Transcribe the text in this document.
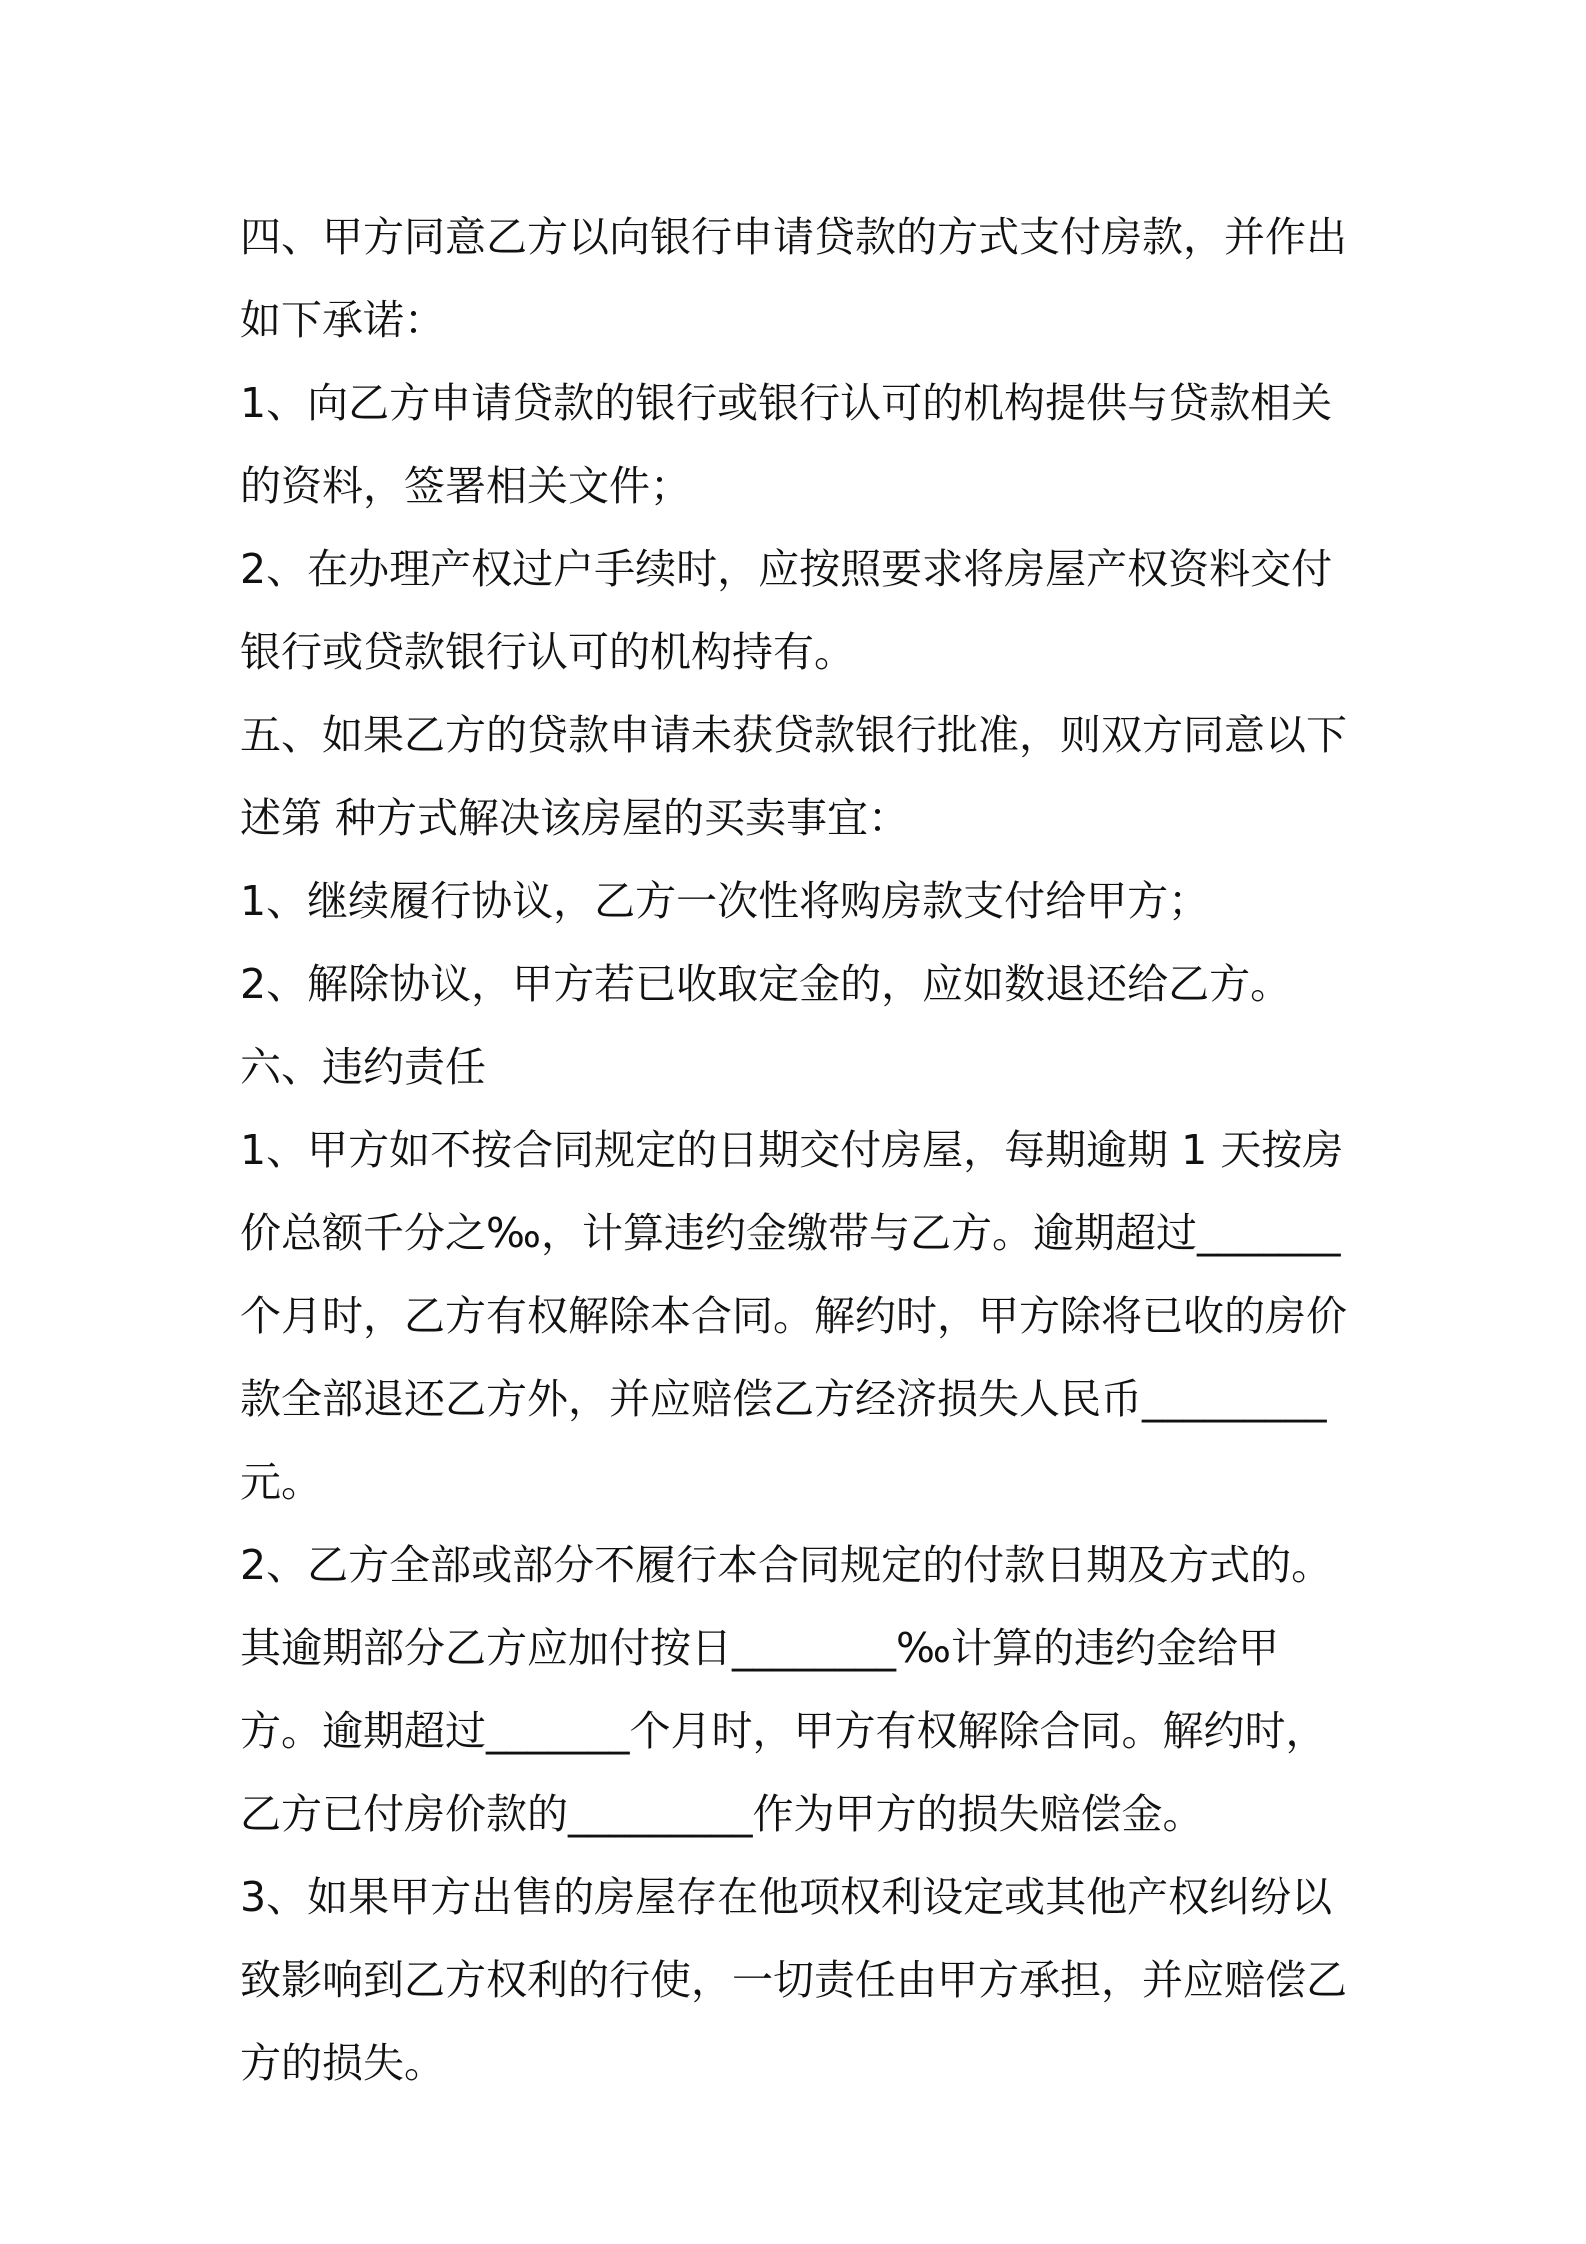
四、甲方同意乙方以向银行申请贷款的方式支付房款，并作出如下承诺：

1、向乙方申请贷款的银行或银行认可的机构提供与贷款相关的资料，签署相关文件；

2、在办理产权过户手续时，应按照要求将房屋产权资料交付银行或贷款银行认可的机构持有。

五、如果乙方的贷款申请未获贷款银行批准，则双方同意以下述第 种方式解决该房屋的买卖事宜：

1、继续履行协议，乙方一次性将购房款支付给甲方；

2、解除协议，甲方若已收取定金的，应如数退还给乙方。

六、违约责任

1、甲方如不按合同规定的日期交付房屋，每期逾期 1 天按房价总额千分之‰，计算违约金缴带与乙方。逾期超过_______个月时，乙方有权解除本合同。解约时，甲方除将已收的房价款全部退还乙方外，并应赔偿乙方经济损失人民币_________元。

2、乙方全部或部分不履行本合同规定的付款日期及方式的。其逾期部分乙方应加付按日________‰计算的违约金给甲方。逾期超过_______个月时，甲方有权解除合同。解约时，乙方已付房价款的_________作为甲方的损失赔偿金。

3、如果甲方出售的房屋存在他项权利设定或其他产权纠纷以致影响到乙方权利的行使，一切责任由甲方承担，并应赔偿乙方的损失。
